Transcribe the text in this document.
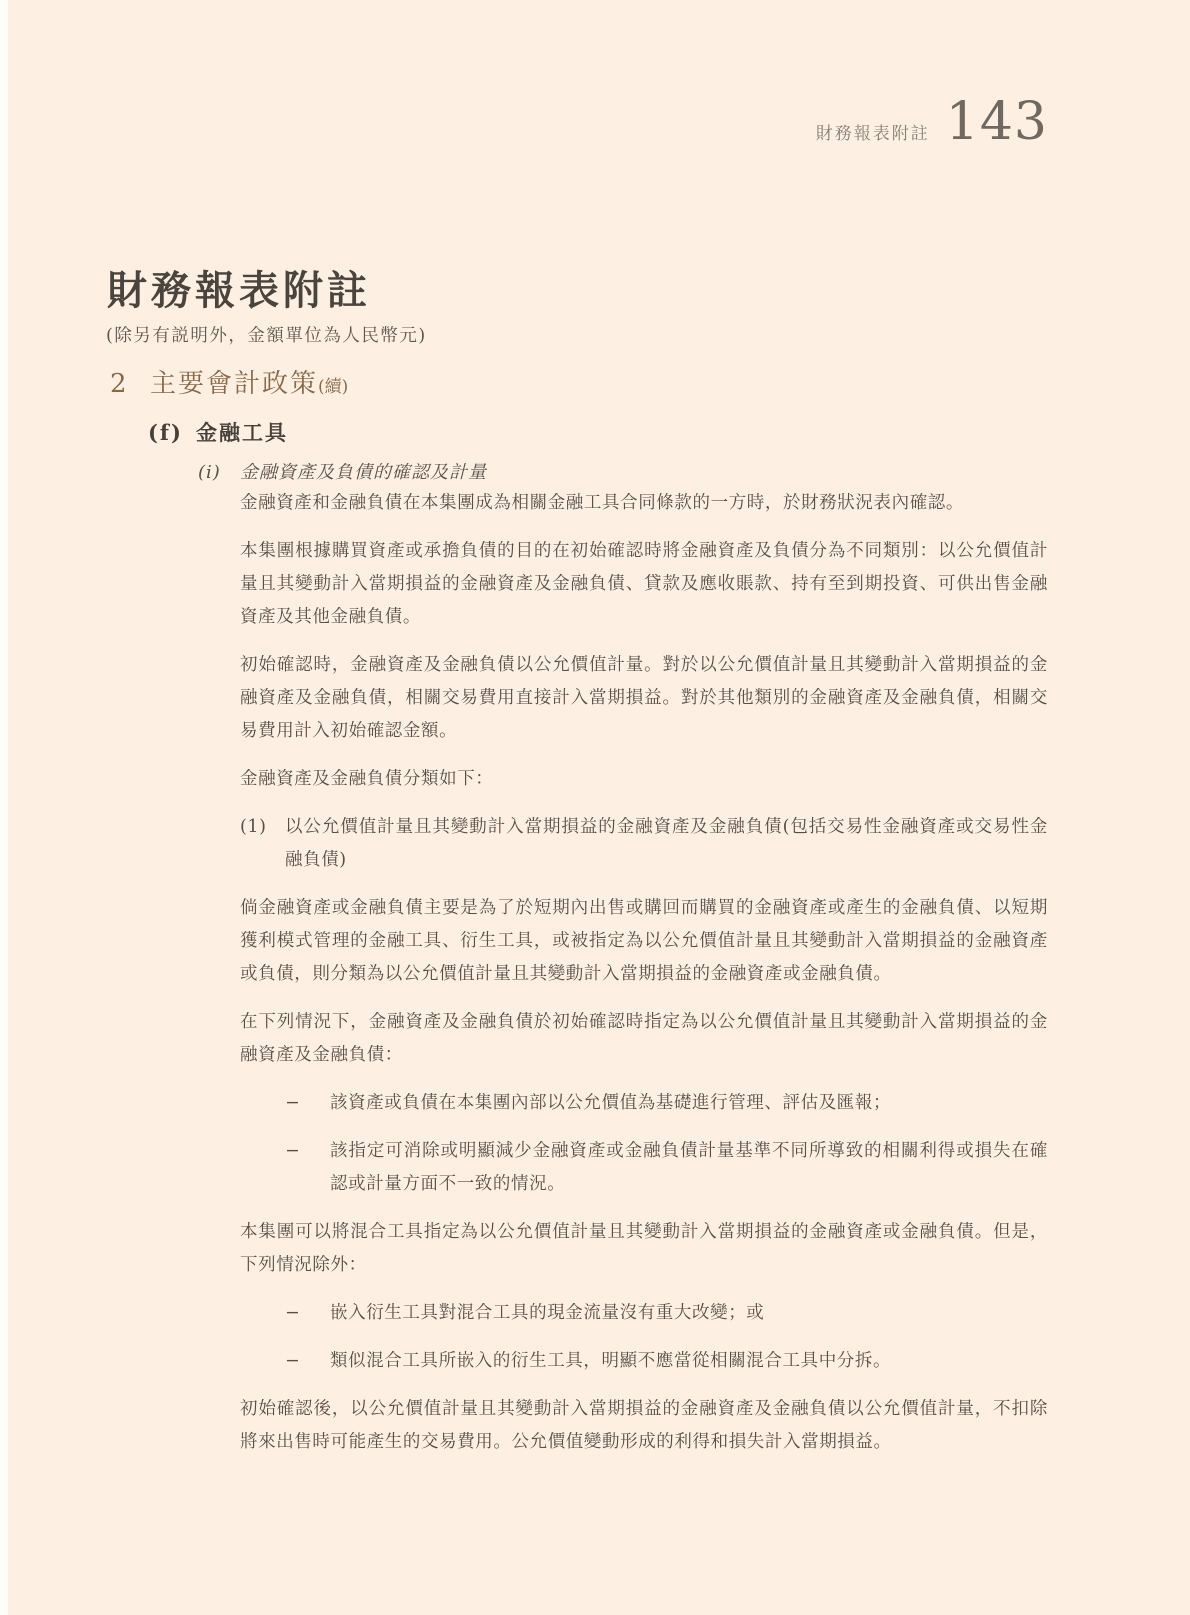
財務報表附註 143
財務報表附註
(除另有説明外，金額單位為人民幣元)
2 主要會計政策(續)
(f) 金融工具
(i)	金融資產及負債的確認及計量

金融資產和金融負債在本集團成為相關金融工具合同條款的一方時，於財務狀況表內確認。

本集團根據購買資產或承擔負債的目的在初始確認時將金融資產及負債分為不同類別：以公允價值計量且其變動計入當期損益的金融資產及金融負債、貸款及應收賬款、持有至到期投資、可供出售金融資產及其他金融負債。

初始確認時，金融資產及金融負債以公允價值計量。對於以公允價值計量且其變動計入當期損益的金融資產及金融負債，相關交易費用直接計入當期損益。對於其他類別的金融資產及金融負債，相關交易費用計入初始確認金額。

金融資產及金融負債分類如下：

(1)	以公允價值計量且其變動計入當期損益的金融資產及金融負債(包括交易性金融資產或交易性金融負債)

倘金融資產或金融負債主要是為了於短期內出售或購回而購買的金融資產或產生的金融負債、以短期獲利模式管理的金融工具、衍生工具，或被指定為以公允價值計量且其變動計入當期損益的金融資產或負債，則分類為以公允價值計量且其變動計入當期損益的金融資產或金融負債。

在下列情況下，金融資產及金融負債於初始確認時指定為以公允價值計量且其變動計入當期損益的金融資產及金融負債：

−	該資產或負債在本集團內部以公允價值為基礎進行管理、評估及匯報；

−	該指定可消除或明顯減少金融資產或金融負債計量基準不同所導致的相關利得或損失在確認或計量方面不一致的情況。

本集團可以將混合工具指定為以公允價值計量且其變動計入當期損益的金融資產或金融負債。但是，下列情況除外：

−	嵌入衍生工具對混合工具的現金流量沒有重大改變；或

−	類似混合工具所嵌入的衍生工具，明顯不應當從相關混合工具中分拆。

初始確認後，以公允價值計量且其變動計入當期損益的金融資產及金融負債以公允價值計量，不扣除將來出售時可能產生的交易費用。公允價值變動形成的利得和損失計入當期損益。
